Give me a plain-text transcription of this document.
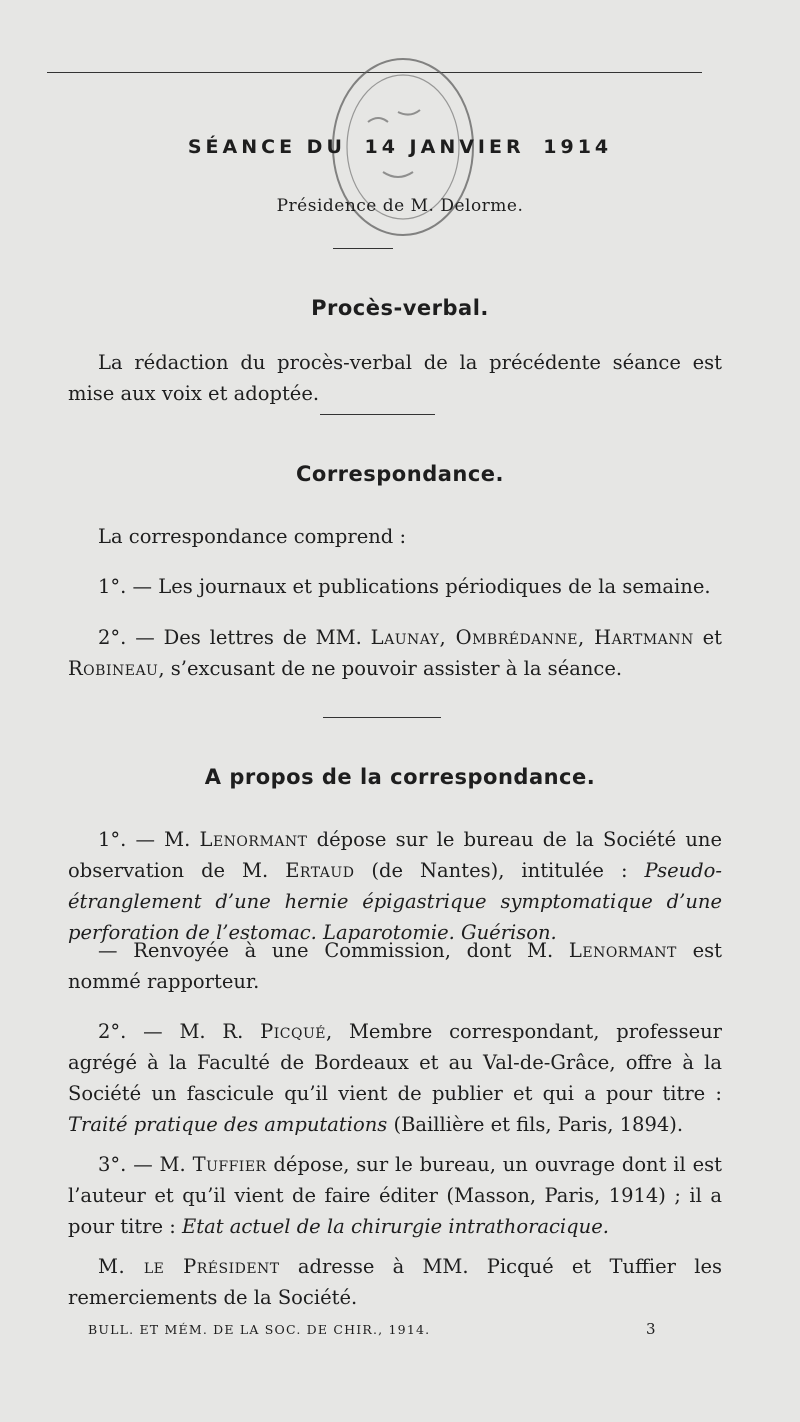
SÉANCE DU 14 JANVIER 1914
Présidence de M. Delorme.
Procès-verbal.
La rédaction du procès-verbal de la précédente séance est mise aux voix et adoptée.
Correspondance.
La correspondance comprend :
1°. — Les journaux et publications périodiques de la semaine.
2°. — Des lettres de MM. Launay, Ombrédanne, Hartmann et Robineau, s’excusant de ne pouvoir assister à la séance.
A propos de la correspondance.
1°. — M. Lenormant dépose sur le bureau de la Société une observation de M. Ertaud (de Nantes), intitulée : Pseudo-étranglement d’une hernie épigastrique symptomatique d’une perforation de l’estomac. Laparotomie. Guérison.
— Renvoyée à une Commission, dont M. Lenormant est nommé rapporteur.
2°. — M. R. Picqué, Membre correspondant, professeur agrégé à la Faculté de Bordeaux et au Val-de-Grâce, offre à la Société un fascicule qu’il vient de publier et qui a pour titre : Traité pratique des amputations (Baillière et fils, Paris, 1894).
3°. — M. Tuffier dépose, sur le bureau, un ouvrage dont il est l’auteur et qu’il vient de faire éditer (Masson, Paris, 1914) ; il a pour titre : Etat actuel de la chirurgie intrathoracique.
M. le Président adresse à MM. Picqué et Tuffier les remerciements de la Société.
BULL. ET MÉM. DE LA SOC. DE CHIR., 1914.	3
